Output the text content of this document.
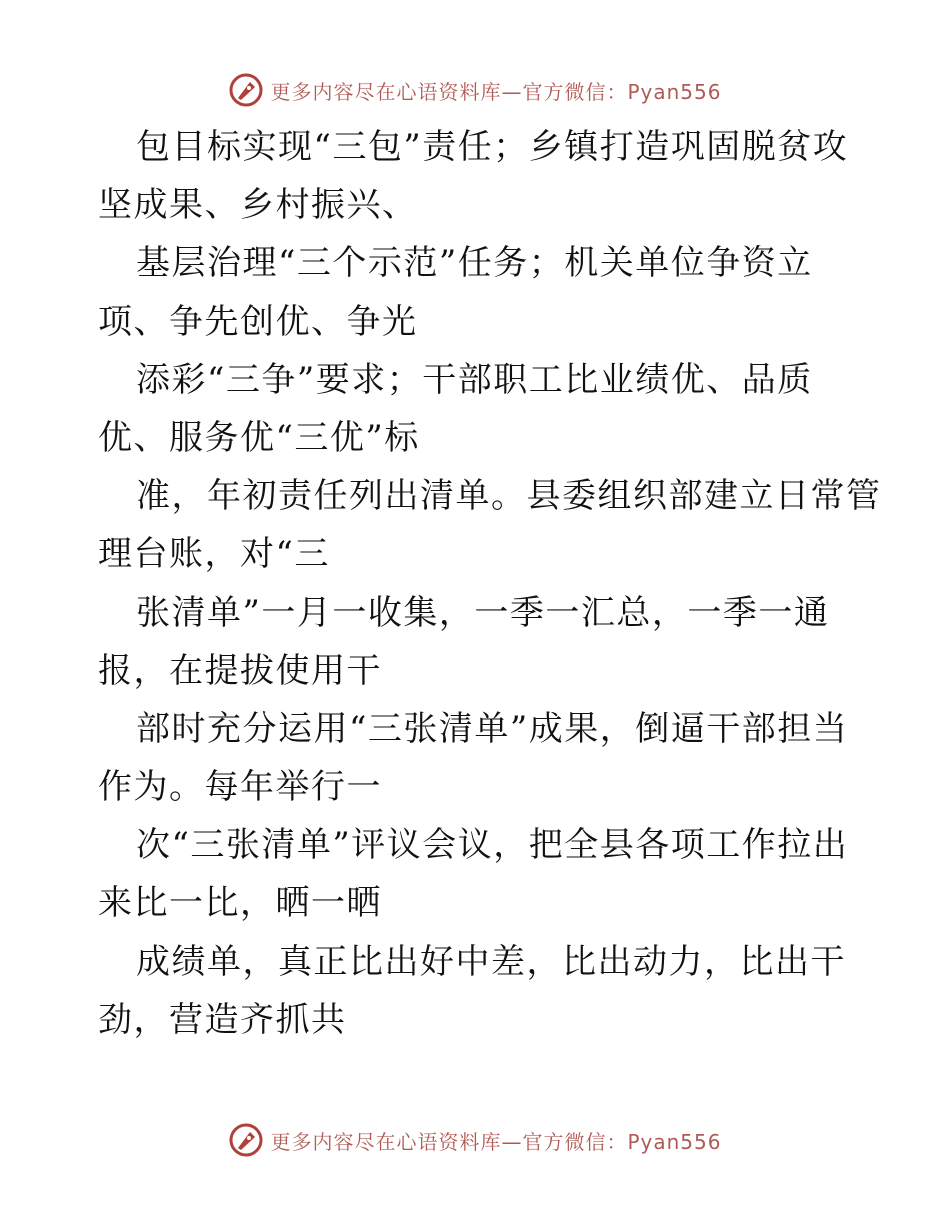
更多内容尽在心语资料库—官方微信：Pyan556
包目标实现“三包”责任；乡镇打造巩固脱贫攻
坚成果、乡村振兴、
基层治理“三个示范”任务；机关单位争资立
项、争先创优、争光
添彩“三争”要求；干部职工比业绩优、品质
优、服务优“三优”标
准，年初责任列出清单。县委组织部建立日常管
理台账，对“三
张清单”一月一收集，一季一汇总，一季一通
报，在提拔使用干
部时充分运用“三张清单”成果，倒逼干部担当
作为。每年举行一
次“三张清单”评议会议，把全县各项工作拉出
来比一比，晒一晒
成绩单，真正比出好中差，比出动力，比出干
劲，营造齐抓共
更多内容尽在心语资料库—官方微信：Pyan556
